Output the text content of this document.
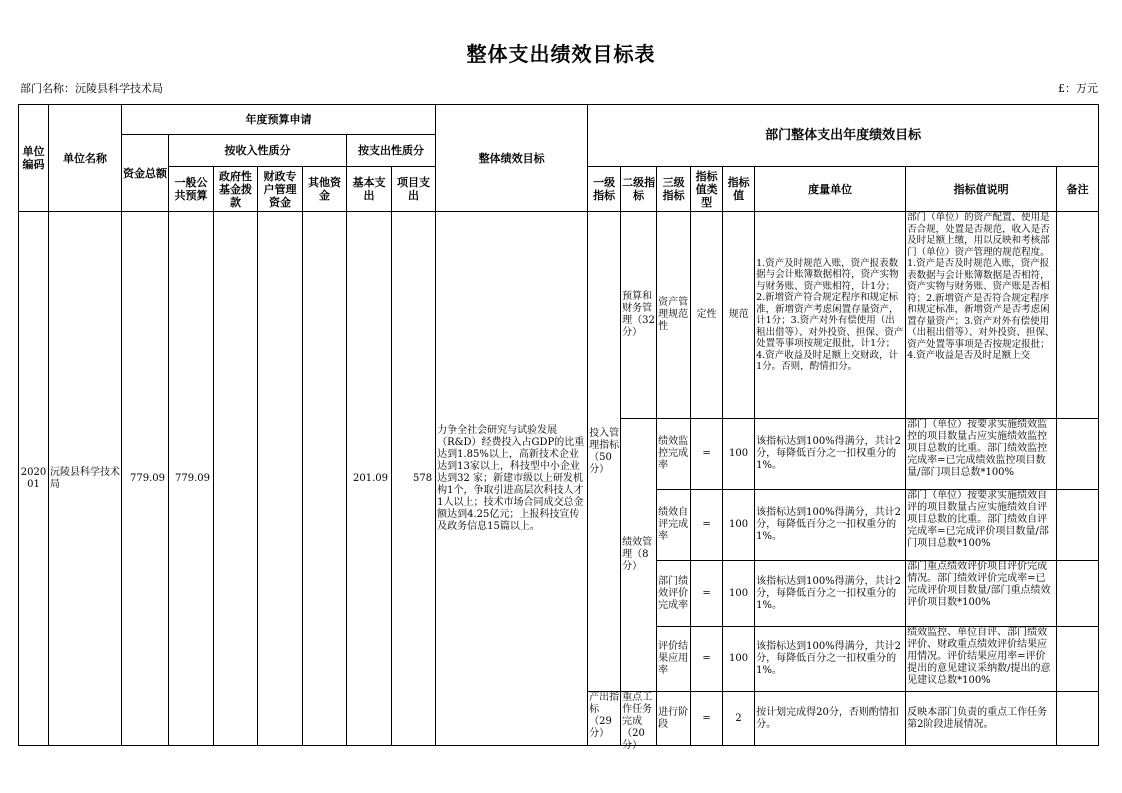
整体支出绩效目标表
部门名称：沅陵县科学技术局	£：万元
单位编码	单位名称	年度预算申请							整体绩效目标	部门整体支出年度绩效目标							
		资金总额	按收入性质分				按支出性质分										
			一般公共预算	政府性基金拨款	财政专户管理资金	其他资金	基本支出	项目支出		一级指标	二级指标	三级指标	指标值类型	指标值	度量单位	指标值说明	备注
2020 01	沅陵县科学技术局	779.09	779.09				201.09	578	力争全社会研究与试验发展（R&D）经费投入占GDP的比重达到1.85%以上，高新技术企业达到13家以上，科技型中小企业达到32 家；新建市级以上研发机构1个，争取引进高层次科技人才1人以上；技术市场合同成交总金额达到4.25亿元；上报科技宣传及政务信息15篇以上。	投入管理指标（50分）	预算和财务管理（32分）	资产管理规范性	定性	规范	1.资产及时规范入账，资产报表数据与会计账簿数据相符，资产实物与财务账、资产账相符，计1分；2.新增资产符合规定程序和规定标准，新增资产考虑闲置存量资产，计1分；3.资产对外有偿使用（出租出借等）、对外投资、担保、资产处置等事项按规定报批，计1分；4.资产收益及时足额上交财政，计1分。否则，酌情扣分。	部门（单位）的资产配置、使用是否合规，处置是否规范，收入是否及时足额上缴，用以反映和考核部门（单位）资产管理的规范程度。1.资产是否及时规范入账，资产报表数据与会计账簿数据是否相符，资产实物与财务账、资产账是否相符；2.新增资产是否符合规定程序和规定标准，新增资产是否考虑闲置存量资产；3.资产对外有偿使用（出租出借等）、对外投资、担保、资产处置等事项是否按规定报批；4.资产收益是否及时足额上交	

											绩效管理（8分）	绩效监控完成率	=	100	该指标达到100%得满分，共计2分，每降低百分之一扣权重分的1%。	部门（单位）按要求实施绩效监控的项目数量占应实施绩效监控项目总数的比重。部门绩效监控完成率=已完成绩效监控项目数量/部门项目总数*100%	

												绩效自评完成率	=	100	该指标达到100%得满分，共计2分，每降低百分之一扣权重分的1%。	部门（单位）按要求实施绩效自评的项目数量占应实施绩效自评项目总数的比重。部门绩效自评完成率=已完成评价项目数量/部门项目总数*100%	

												部门绩效评价完成率	=	100	该指标达到100%得满分，共计2分，每降低百分之一扣权重分的1%。	部门重点绩效评价项目评价完成情况。部门绩效评价完成率=已完成评价项目数量/部门重点绩效评价项目数*100%	

												评价结果应用率	=	100	该指标达到100%得满分，共计2分，每降低百分之一扣权重分的1%。	绩效监控、单位自评、部门绩效评价、财政重点绩效评价结果应用情况。评价结果应用率=评价提出的意见建议采纳数/提出的意见建议总数*100%	

										产出指标（29分）	重点工作任务完成（20分）	进行阶段	=	2	按计划完成得20分，否则酌情扣分。	反映本部门负责的重点工作任务第2阶段进展情况。	
